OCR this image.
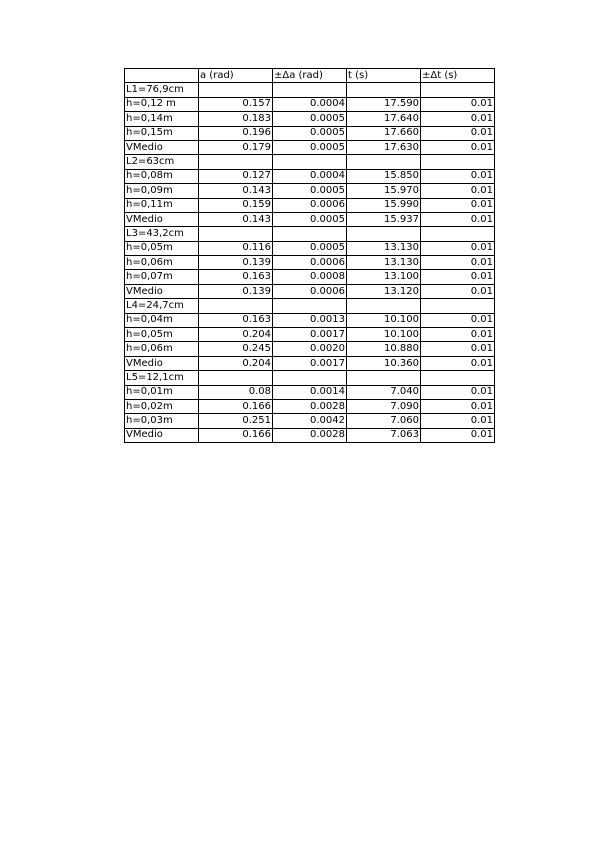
	a (rad)	±Δa (rad)	t (s)	±Δt (s)
L1=76,9cm				
h=0,12 m	0.157	0.0004	17.590	0.01
h=0,14m	0.183	0.0005	17.640	0.01
h=0,15m	0.196	0.0005	17.660	0.01
VMedio	0.179	0.0005	17.630	0.01
L2=63cm				
h=0,08m	0.127	0.0004	15.850	0.01
h=0,09m	0.143	0.0005	15.970	0.01
h=0,11m	0.159	0.0006	15.990	0.01
VMedio	0.143	0.0005	15.937	0.01
L3=43,2cm				
h=0,05m	0.116	0.0005	13.130	0.01
h=0,06m	0.139	0.0006	13.130	0.01
h=0,07m	0.163	0.0008	13.100	0.01
VMedio	0.139	0.0006	13.120	0.01
L4=24,7cm				
h=0,04m	0.163	0.0013	10.100	0.01
h=0,05m	0.204	0.0017	10.100	0.01
h=0,06m	0.245	0.0020	10.880	0.01
VMedio	0.204	0.0017	10.360	0.01
L5=12,1cm				
h=0,01m	0.08	0.0014	7.040	0.01
h=0,02m	0.166	0.0028	7.090	0.01
h=0,03m	0.251	0.0042	7.060	0.01
VMedio	0.166	0.0028	7.063	0.01
